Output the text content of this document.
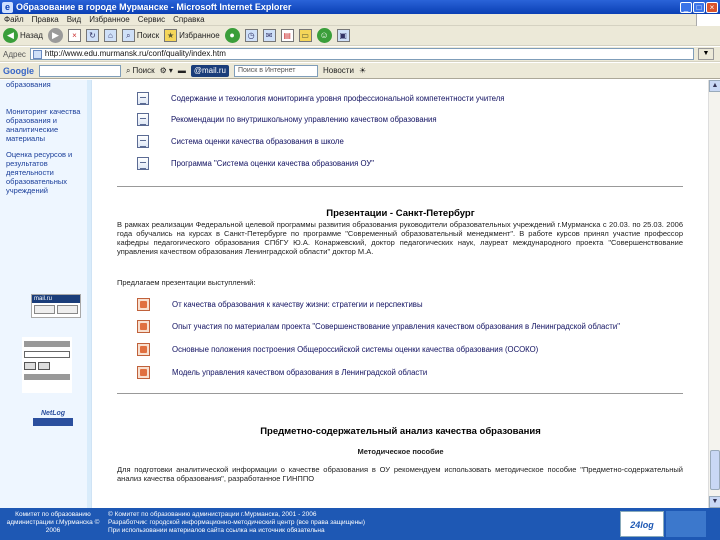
e Образование в городе Мурманске - Microsoft Internet Explorer	_	□	×
Файл Правка Вид Избранное Сервис Справка
◀ Назад	▶	×	↻	⌂	⌕ Поиск ★ Избранное	●	◷	✉	▤	▭	☺	▣
Адрес	http://www.edu.murmansk.ru/conf/quality/index.htm	▼
Google	⌕ Поиск ⚙ ▾ ▬	@mail.ru	Поиск в Интернет	Новости ☀
образования
Мониторинг качества образования и аналитические материалы
Оценка ресурсов и результатов деятельности образовательных учреждений
mail.ru
NetLog
Содержание и технология мониторинга уровня профессиональной компетентности учителя
Рекомендации по внутришкольному управлению качеством образования
Система оценки качества образования в школе
Программа "Система оценки качества образования ОУ"
Презентации - Санкт-Петербург
В рамках реализации Федеральной целевой программы развития образования руководители образовательных учреждений г.Мурманска с 20.03. по 25.03. 2006 года обучались на курсах в Санкт-Петербурге по программе "Современный образовательный менеджмент". В работе курсов принял участие профессор кафедры педагогического образования СПбГУ Ю.А. Конаржевский, доктор педагогических наук, лауреат международного проекта "Совершенствование управления качеством образования Ленинградской области" доктор М.А.
Предлагаем презентации выступлений:
От качества образования к качеству жизни: стратегии и перспективы
Опыт участия по материалам проекта "Совершенствование управления качеством образования в Ленинградской области"
Основные положения построения Общероссийской системы оценки качества образования (ОСОКО)
Модель управления качеством образования в Ленинградской области
Предметно-содержательный анализ качества образования
Методическое пособие
Для подготовки аналитической информации о качестве образования в ОУ рекомендуем использовать методическое пособие "Предметно-содержательный анализ качества образования", разработанное ГИНППО
▲
▼
Комитет по образованию администрации г.Мурманска © 2006
© Комитет по образованию администрации г.Мурманска, 2001 - 2006
Разработчик: городской информационно-методический центр (все права защищены)
При использовании материалов сайта ссылка на источник обязательна
24log
